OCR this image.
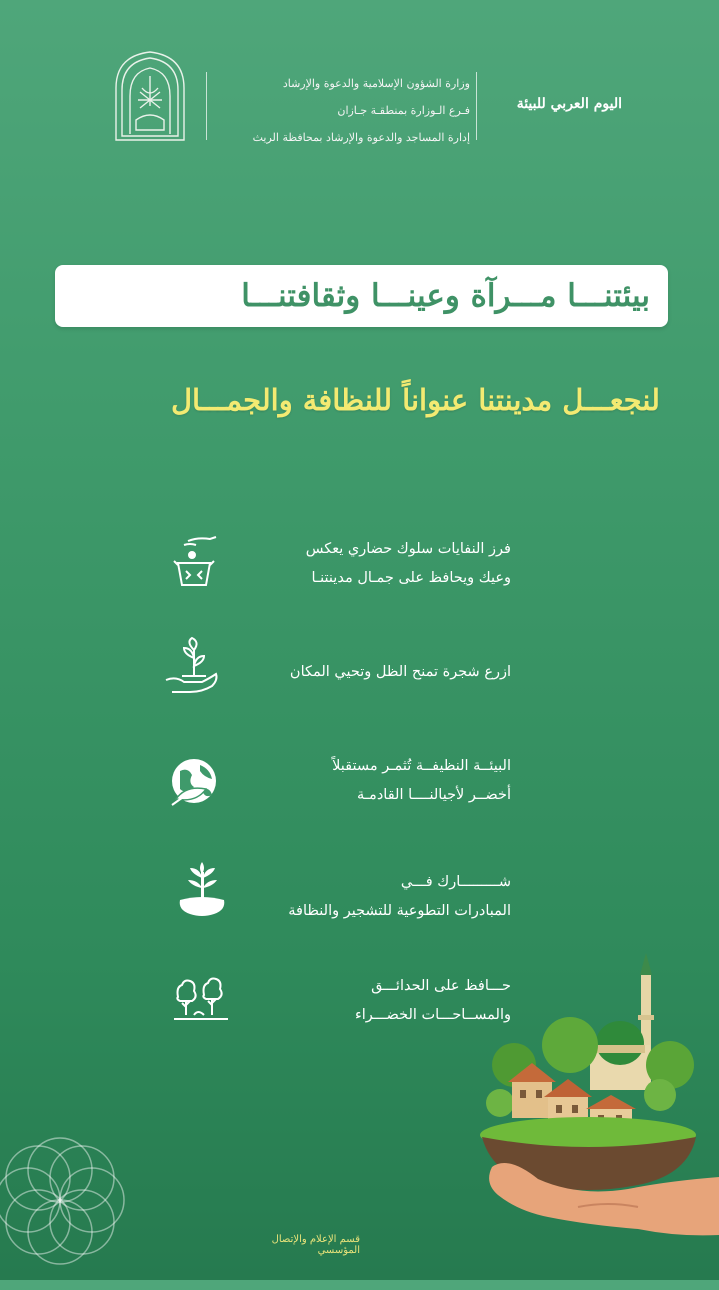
وزارة الشؤون الإسلامية والدعوة والإرشاد
فـرع الـوزارة بمنطقـة جـازان
إدارة المساجد والدعوة والإرشاد بمحافظة الريث
اليوم العربي للبيئة
بيئتنـــا مـــرآة وعينـــا وثقافتنـــا
لنجعـــل مدينتنا عنواناً للنظافة والجمـــال
فرز النفايات سلوك حضاري يعكس
وعيك ويحافظ على جمـال مدينتنـا
ازرع شجرة تمنح الظل وتحيي المكان
البيئــة النظيفــة تُثمـر مستقبلاً
أخضــر لأجيالنــــا القادمـة
شـــــــــارك فـــي
المبادرات التطوعية للتشجير والنظافة
حـــافظ على الحدائـــق
والمســاحـــات الخضـــراء
قسم الإعلام والإتصال المؤسسي
